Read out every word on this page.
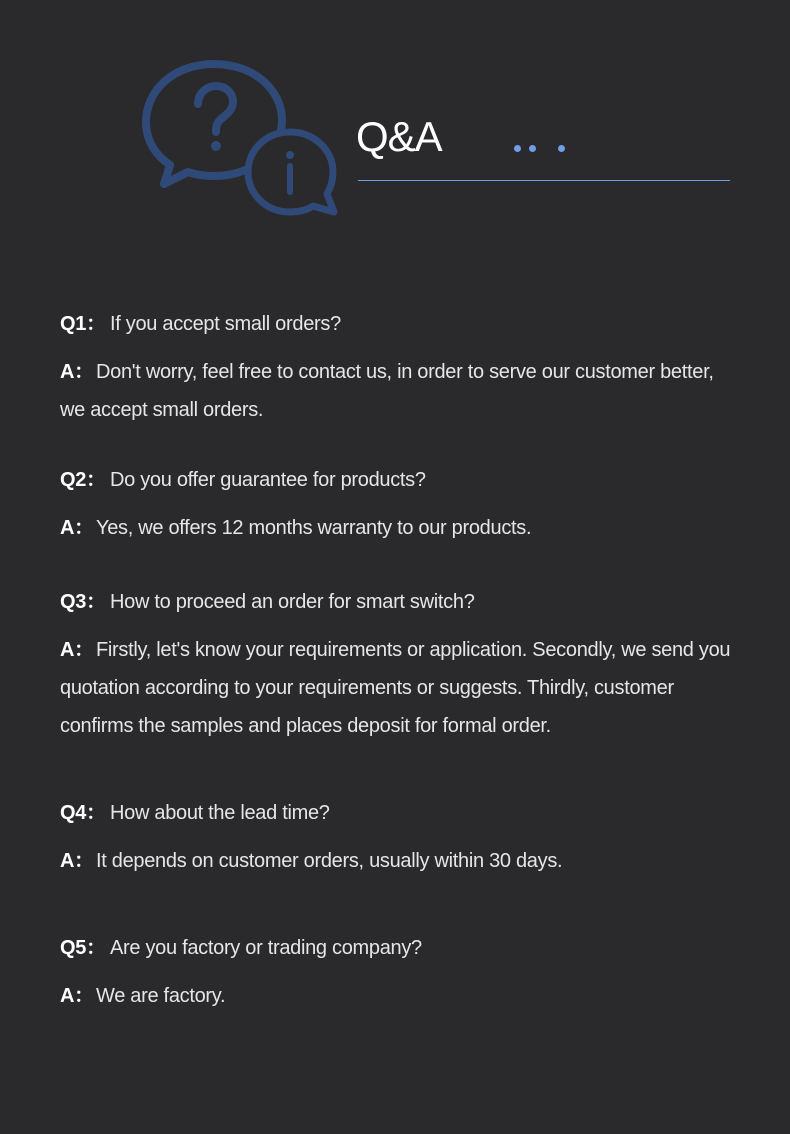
Q&A
Q1： If you accept small orders?
A： Don't worry, feel free to contact us, in order to serve our customer better, we accept small orders.
Q2： Do you offer guarantee for products?
A： Yes, we offers 12 months warranty to our products.
Q3： How to proceed an order for smart switch?
A： Firstly, let's know your requirements or application. Secondly, we send you quotation according to your requirements or suggests. Thirdly, customer confirms the samples and places deposit for formal order.
Q4： How about the lead time?
A： It depends on customer orders, usually within 30 days.
Q5： Are you factory or trading company?
A： We are factory.
